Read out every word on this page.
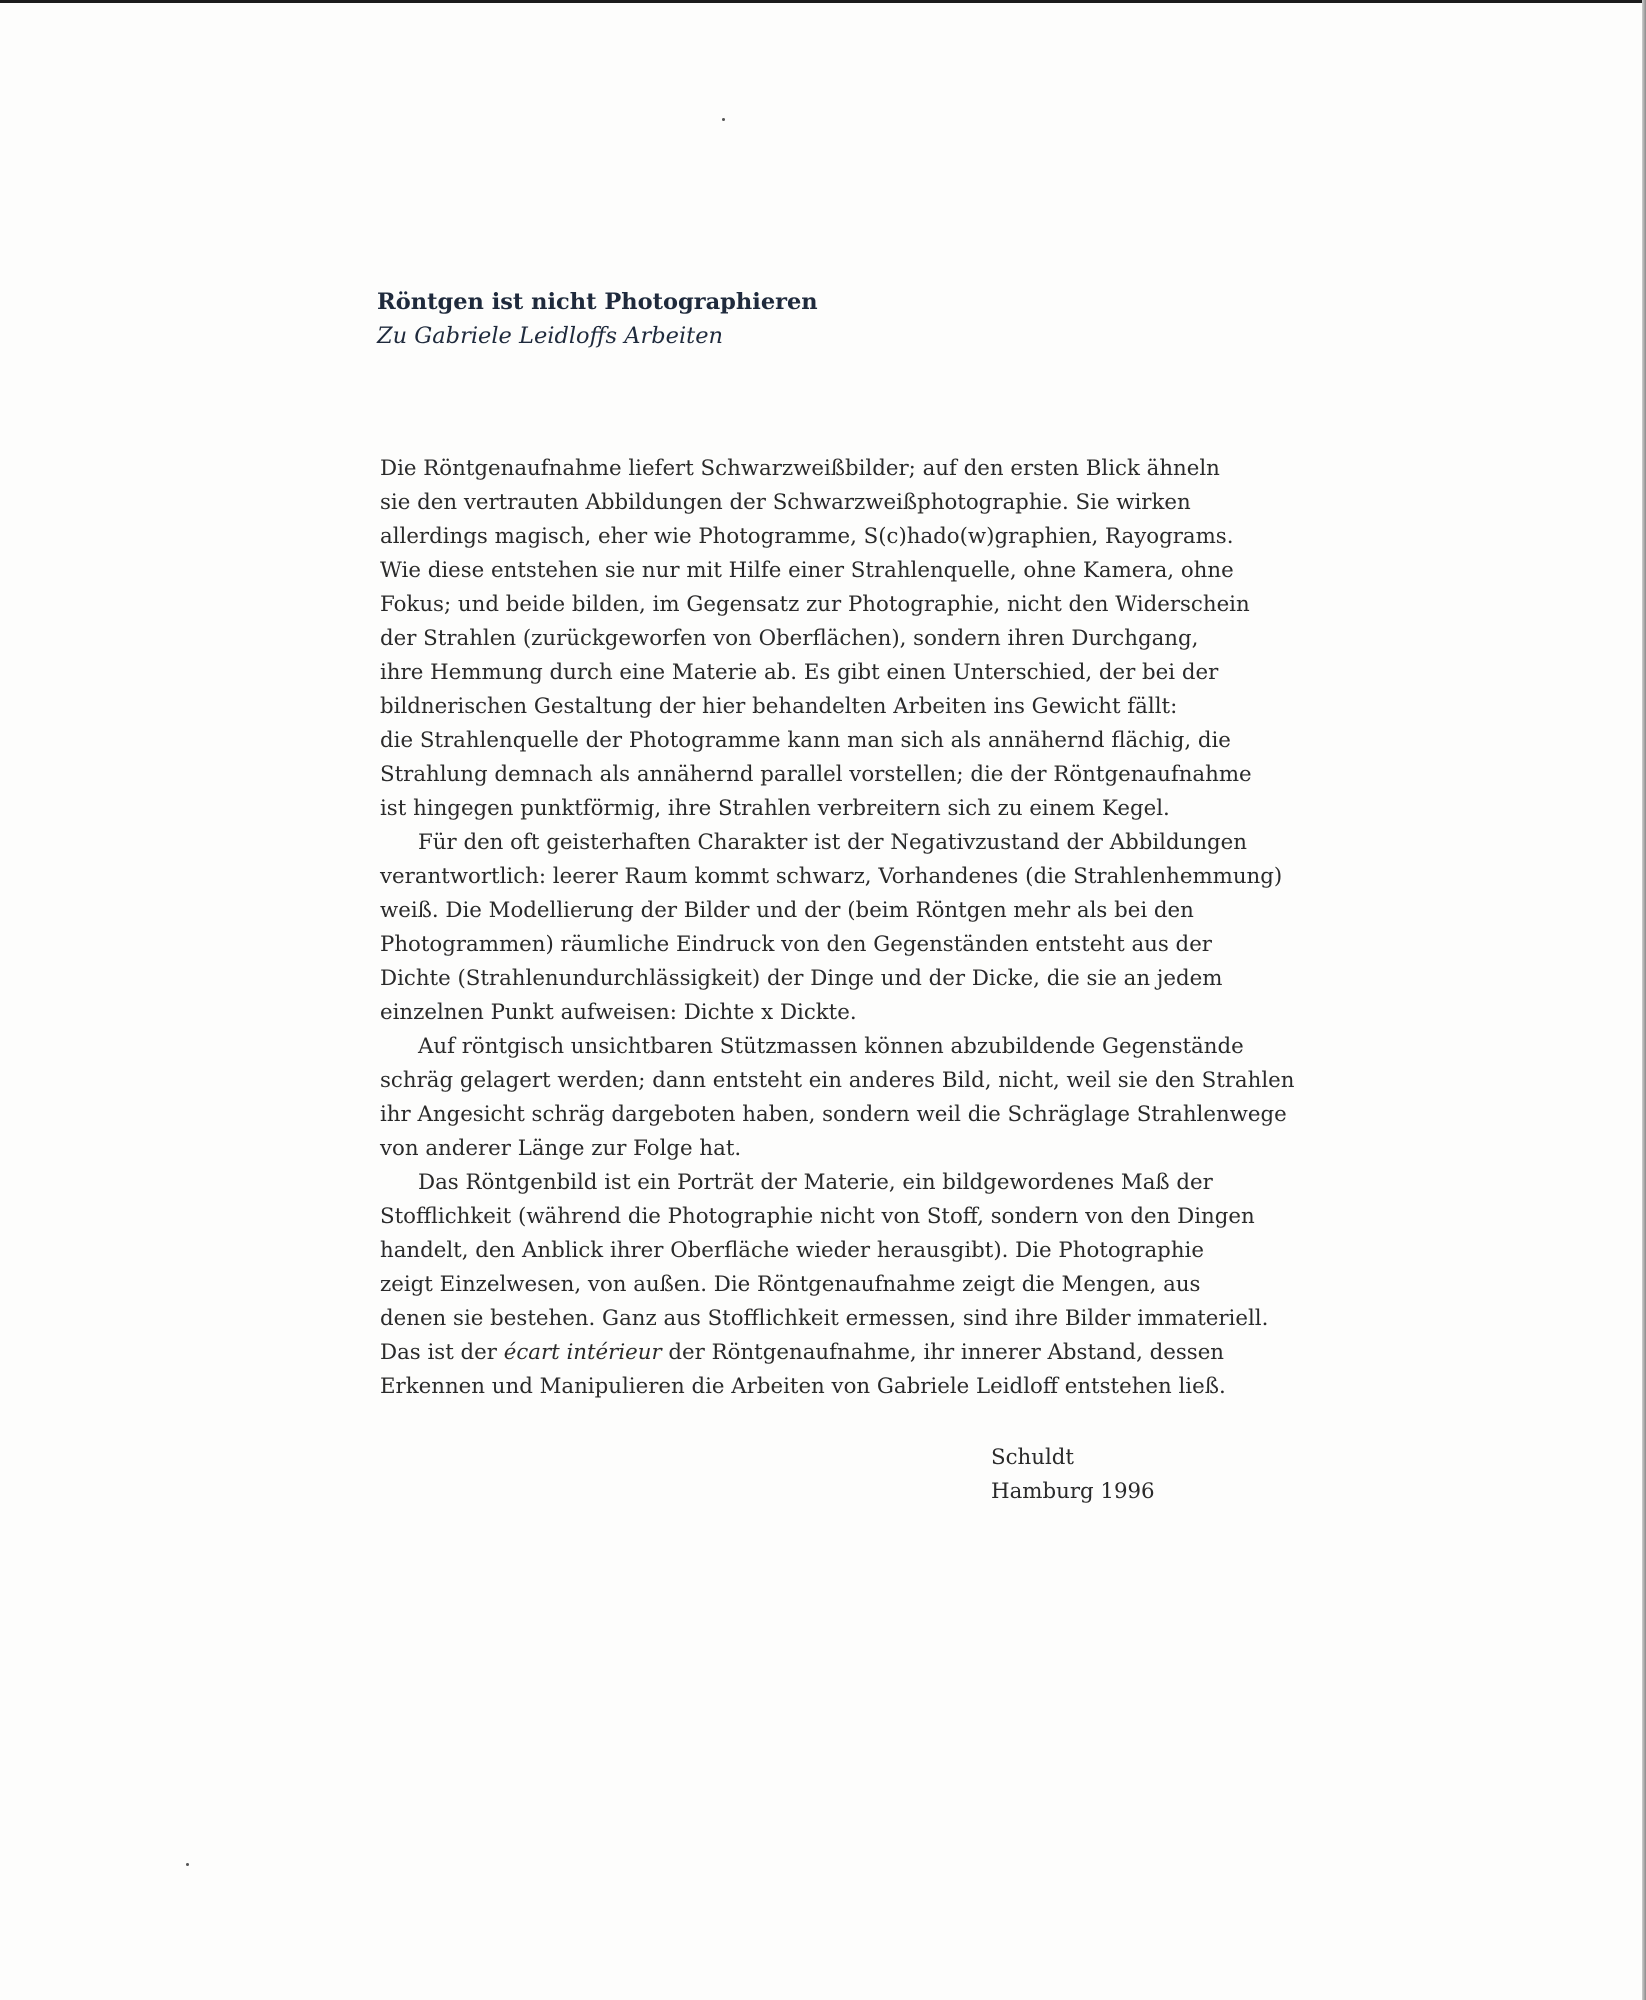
Röntgen ist nicht Photographieren

Zu Gabriele Leidloffs Arbeiten

Die Röntgenaufnahme liefert Schwarzweißbilder; auf den ersten Blick ähneln
sie den vertrauten Abbildungen der Schwarzweißphotographie. Sie wirken
allerdings magisch, eher wie Photogramme, S(c)hado(w)graphien, Rayograms.
Wie diese entstehen sie nur mit Hilfe einer Strahlenquelle, ohne Kamera, ohne
Fokus; und beide bilden, im Gegensatz zur Photographie, nicht den Widerschein
der Strahlen (zurückgeworfen von Oberflächen), sondern ihren Durchgang,
ihre Hemmung durch eine Materie ab. Es gibt einen Unterschied, der bei der
bildnerischen Gestaltung der hier behandelten Arbeiten ins Gewicht fällt:
die Strahlenquelle der Photogramme kann man sich als annähernd flächig, die
Strahlung demnach als annähernd parallel vorstellen; die der Röntgenaufnahme
ist hingegen punktförmig, ihre Strahlen verbreitern sich zu einem Kegel.
Für den oft geisterhaften Charakter ist der Negativzustand der Abbildungen
verantwortlich: leerer Raum kommt schwarz, Vorhandenes (die Strahlenhemmung)
weiß. Die Modellierung der Bilder und der (beim Röntgen mehr als bei den
Photogrammen) räumliche Eindruck von den Gegenständen entsteht aus der
Dichte (Strahlenundurchlässigkeit) der Dinge und der Dicke, die sie an jedem
einzelnen Punkt aufweisen: Dichte x Dickte.
Auf röntgisch unsichtbaren Stützmassen können abzubildende Gegenstände
schräg gelagert werden; dann entsteht ein anderes Bild, nicht, weil sie den Strahlen
ihr Angesicht schräg dargeboten haben, sondern weil die Schräglage Strahlenwege
von anderer Länge zur Folge hat.
Das Röntgenbild ist ein Porträt der Materie, ein bildgewordenes Maß der
Stofflichkeit (während die Photographie nicht von Stoff, sondern von den Dingen
handelt, den Anblick ihrer Oberfläche wieder herausgibt). Die Photographie
zeigt Einzelwesen, von außen. Die Röntgenaufnahme zeigt die Mengen, aus
denen sie bestehen. Ganz aus Stofflichkeit ermessen, sind ihre Bilder immateriell.
Das ist der écart intérieur der Röntgenaufnahme, ihr innerer Abstand, dessen
Erkennen und Manipulieren die Arbeiten von Gabriele Leidloff entstehen ließ.
Schuldt
Hamburg 1996
